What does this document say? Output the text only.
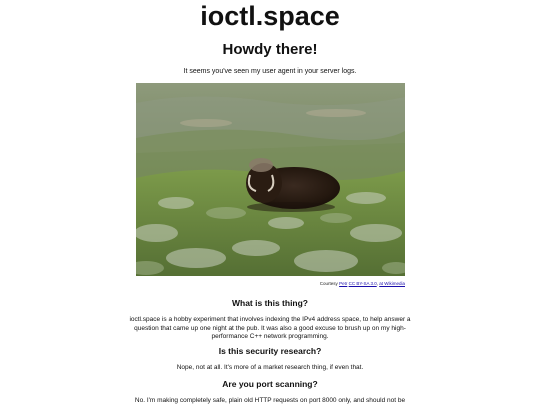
ioctl.space
Howdy there!

It seems you've seen my user agent in your server logs.

Courtesy Petr CC BY-SA 3.0, at Wikimedia

What is this thing?

ioctl.space is a hobby experiment that involves indexing the IPv4 address space, to help answer a question that came up one night at the pub. It was also a good excuse to brush up on my high-performance C++ network programming.

Is this security research?

Nope, not at all. It's more of a market research thing, if even that.

Are you port scanning?

No. I'm making completely safe, plain old HTTP requests on port 8000 only, and should not be
